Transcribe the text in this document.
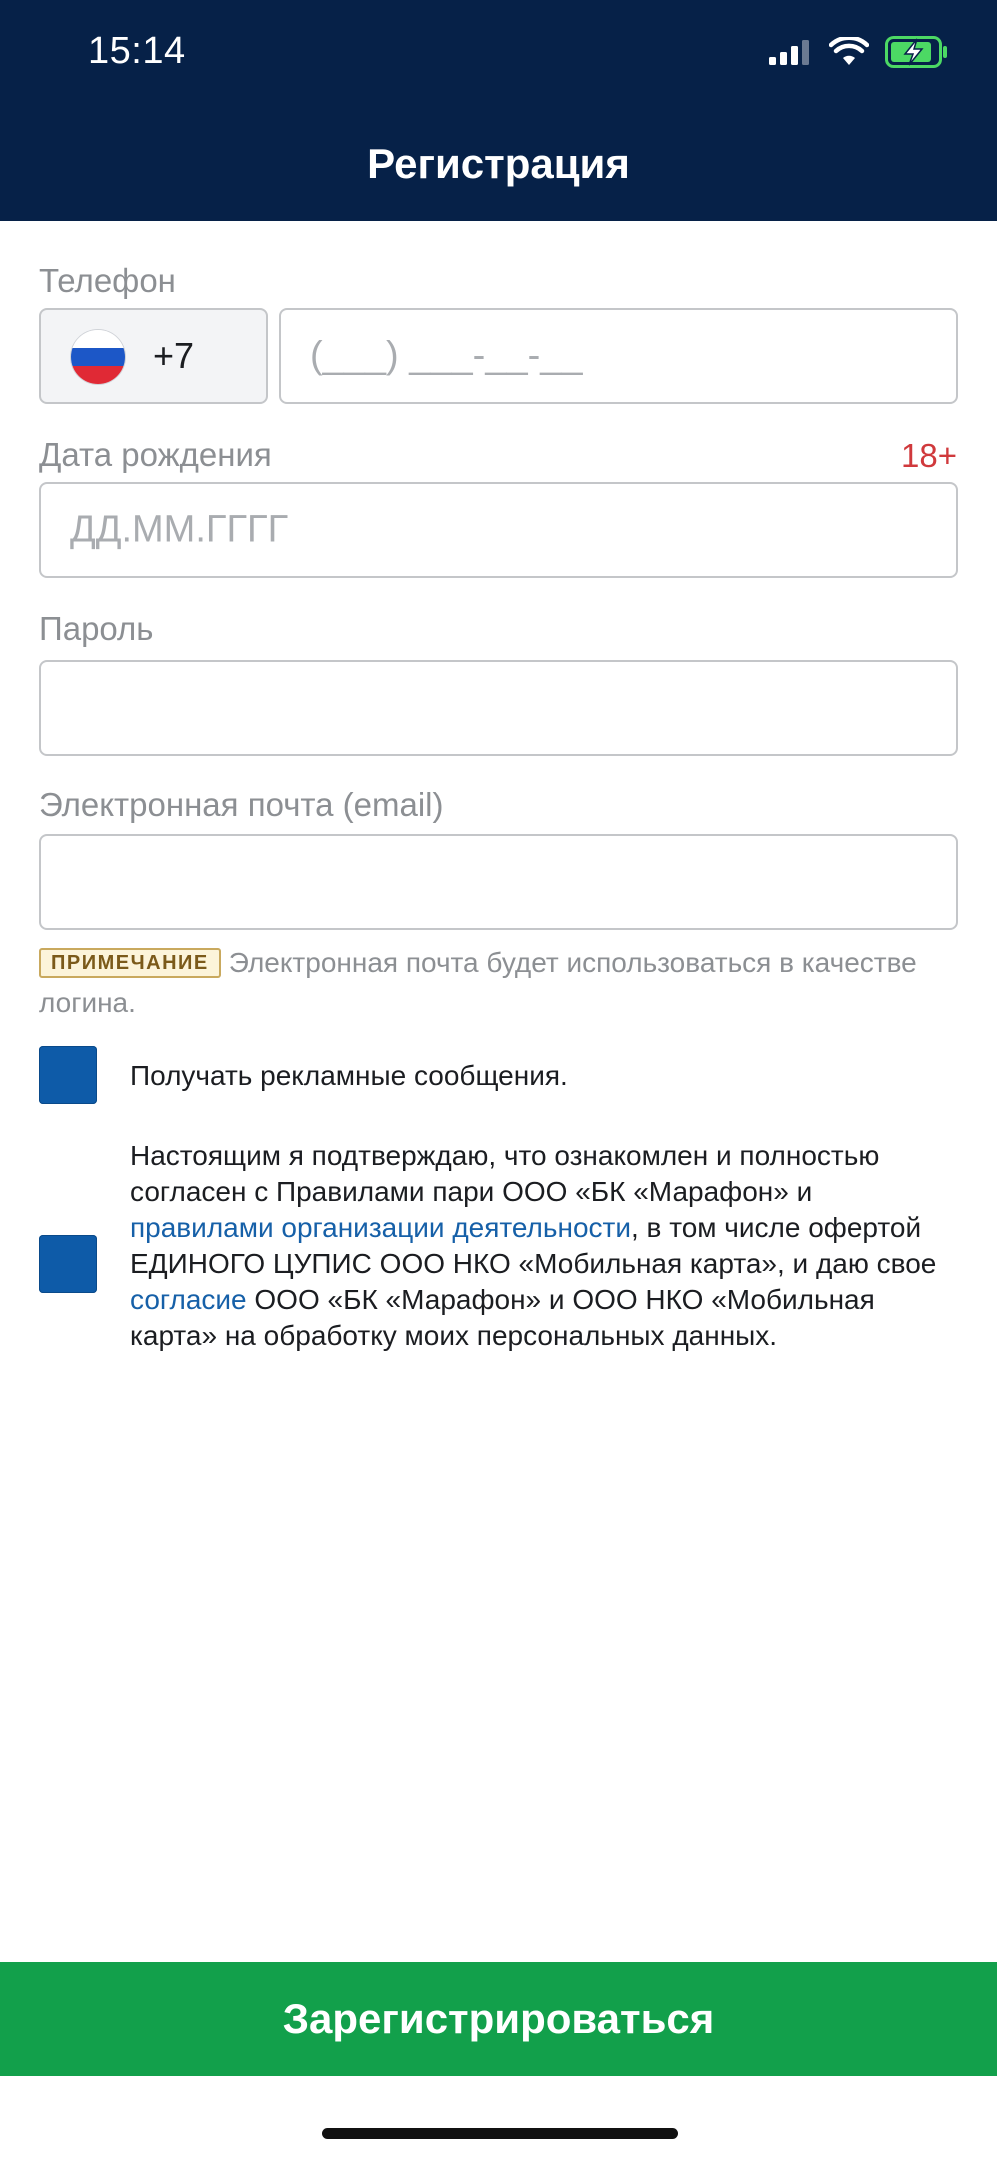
15:14
Регистрация
Телефон
+7	(___) ___-__-__
Дата рождения	18+
ДД.ММ.ГГГГ
Пароль
Электронная почта (email)
ПРИМЕЧАНИЕ Электронная почта будет использоваться в качестве логина.
Получать рекламные сообщения.
Настоящим я подтверждаю, что ознакомлен и полностью согласен с Правилами пари ООО «БК «Марафон» и правилами организации деятельности, в том числе офертой ЕДИНОГО ЦУПИС ООО НКО «Мобильная карта», и даю свое согласие ООО «БК «Марафон» и ООО НКО «Мобильная карта» на обработку моих персональных данных.
Зарегистрироваться
